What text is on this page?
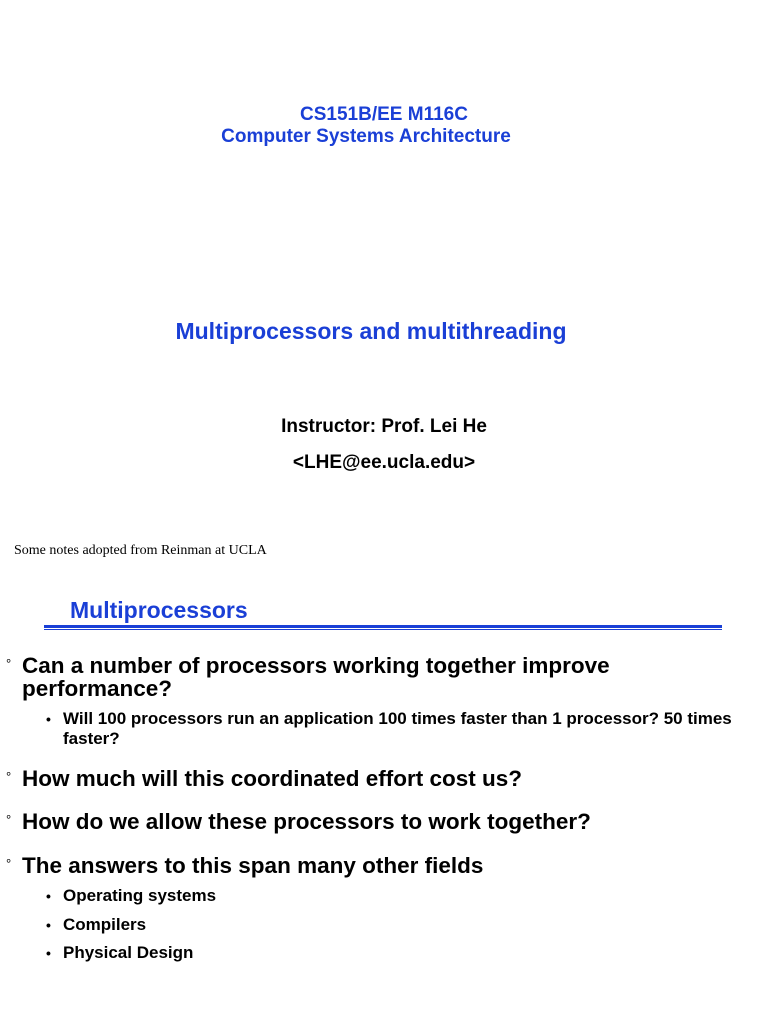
CS151B/EE M116C
Computer Systems Architecture
Multiprocessors and multithreading
Instructor: Prof. Lei He
<LHE@ee.ucla.edu>
Some notes adopted from Reinman at UCLA
Multiprocessors
° Can a number of processors working together improve performance?
• Will 100 processors run an application 100 times faster than 1 processor? 50 times faster?
° How much will this coordinated effort cost us?
° How do we allow these processors to work together?
° The answers to this span many other fields
• Operating systems
• Compilers
• Physical Design
